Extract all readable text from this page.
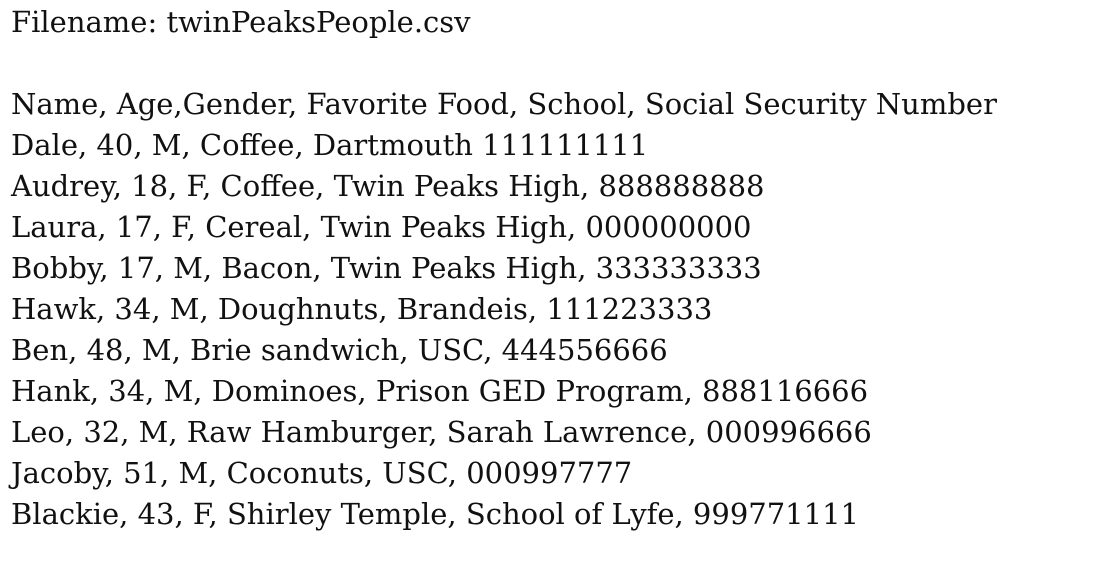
Filename: twinPeaksPeople.csv
Name, Age,Gender, Favorite Food, School, Social Security Number
Dale, 40, M, Coffee, Dartmouth 111111111
Audrey, 18, F, Coffee, Twin Peaks High, 888888888
Laura, 17, F, Cereal, Twin Peaks High, 000000000
Bobby, 17, M, Bacon, Twin Peaks High, 333333333
Hawk, 34, M, Doughnuts, Brandeis, 111223333
Ben, 48, M, Brie sandwich, USC, 444556666
Hank, 34, M, Dominoes, Prison GED Program, 888116666
Leo, 32, M, Raw Hamburger, Sarah Lawrence, 000996666
Jacoby, 51, M, Coconuts, USC, 000997777
Blackie, 43, F, Shirley Temple, School of Lyfe, 999771111
